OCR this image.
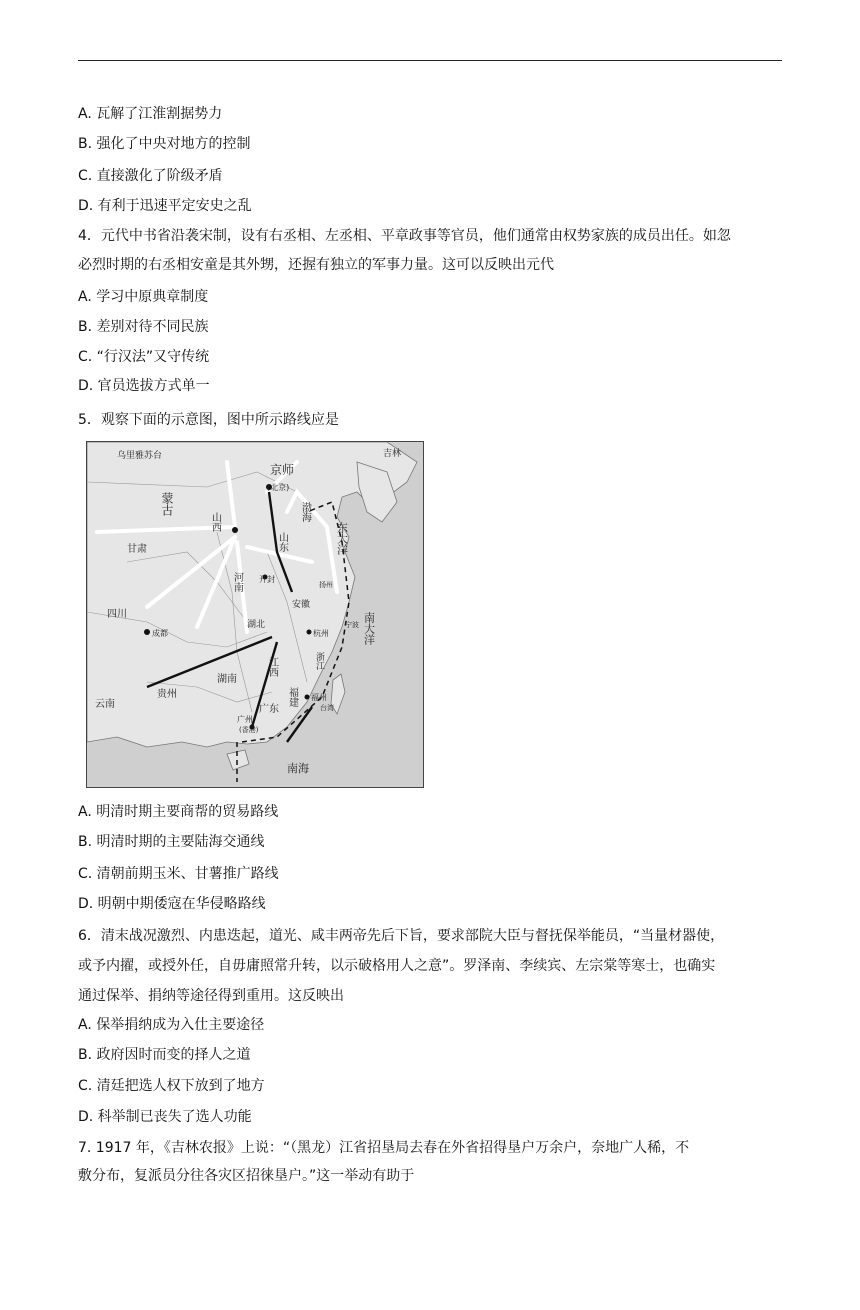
A. 瓦解了江淮割据势力
B. 强化了中央对地方的控制
C. 直接激化了阶级矛盾
D. 有利于迅速平定安史之乱
4．元代中书省沿袭宋制，设有右丞相、左丞相、平章政事等官员，他们通常由权势家族的成员出任。如忽
必烈时期的右丞相安童是其外甥，还握有独立的军事力量。这可以反映出元代
A. 学习中原典章制度
B. 差别对待不同民族
C. “行汉法”又守传统
D. 官员选拔方式单一
5．观察下面的示意图，图中所示路线应是
京师
(北京)
开封
成都	杭州
广州
(香港)
福州
台湾
东大洋
南大洋
南海
渤海
云南
贵州
湖南
江西
四川
甘肃	山东
乌里雅苏台	吉林
福建
广东
河南
山西
安徽
浙江
湖北
蒙古
宁波
扬州
A. 明清时期主要商帮的贸易路线
B. 明清时期的主要陆海交通线
C. 清朝前期玉米、甘薯推广路线
D. 明朝中期倭寇在华侵略路线
6．清末战况激烈、内患迭起，道光、咸丰两帝先后下旨，要求部院大臣与督抚保举能员，“当量材器使，
或予内擢，或授外任，自毋庸照常升转，以示破格用人之意”。罗泽南、李续宾、左宗棠等寒士，也确实
通过保举、捐纳等途径得到重用。这反映出
A. 保举捐纳成为入仕主要途径
B. 政府因时而变的择人之道
C. 清廷把选人权下放到了地方
D. 科举制已丧失了选人功能
7. 1917 年，《吉林农报》上说：“（黑龙）江省招垦局去春在外省招得垦户万余户，奈地广人稀，不
敷分布，复派员分往各灾区招徕垦户。”这一举动有助于
